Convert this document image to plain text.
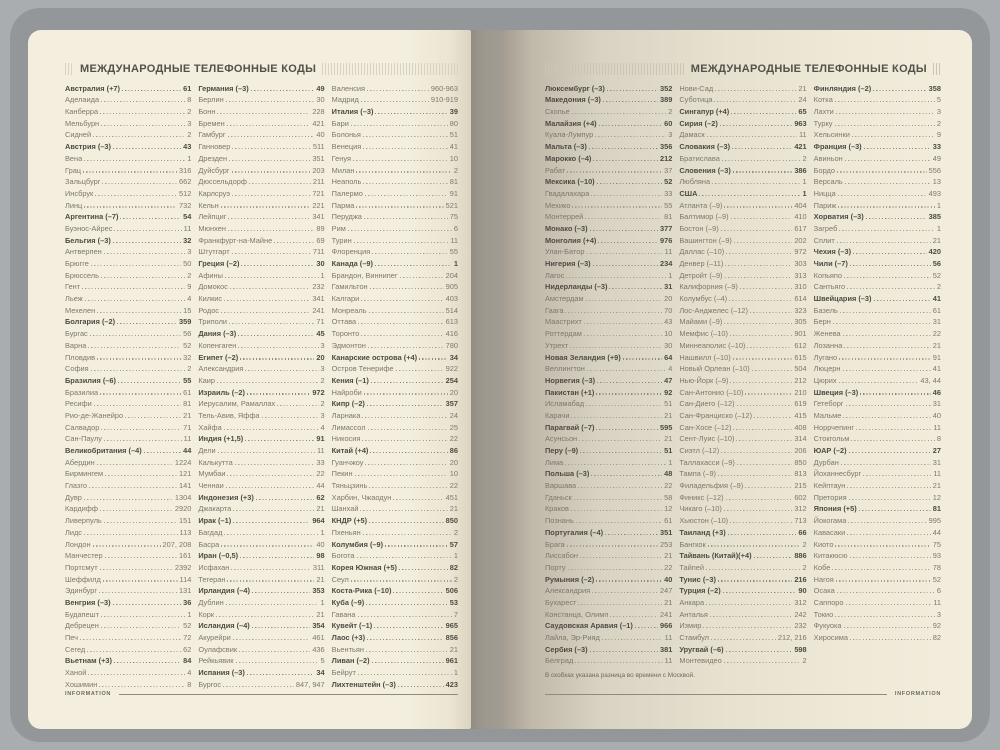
МЕЖДУНАРОДНЫЕ ТЕЛЕФОННЫЕ КОДЫ
Австралия (+7)	61
Аделаида	8
Канберра	2
Мельбурн	3
Сидней	2
Австрия (–3)	43
Вена	1
Грац	316
Зальцбург	662
Инсбрук	512
Линц	732
Аргентина (–7)	54
Буэнос-Айрес	11
Бельгия (–3)	32
Антверпен	3
Брюгге	50
Брюссель	2
Гент	9
Льеж	4
Мехелен	15
Болгария (–2)	359
Бургас	56
Варна	52
Пловдив	32
София	2
Бразилия (–6)	55
Бразилиа	61
Ресифи	81
Рио-де-Жанейро	21
Салвадор	71
Сан-Паулу	11
Великобритания (–4)	44
Абердин	1224
Бирмингем	121
Глазго	141
Дувр	1304
Кардифф	2920
Ливерпуль	151
Лидс	113
Лондон	207, 208
Манчестер	161
Портсмут	2392
Шеффилд	114
Эдинбург	131
Венгрия (–3)	36
Будапешт	1
Дебрецен	52
Печ	72
Сегед	62
Вьетнам (+3)	84
Ханой	4
Хошимин	8
Германия (–3)	49
Берлин	30
Бонн	228
Бремен	421
Гамбург	40
Ганновер	511
Дрезден	351
Дуйсбург	203
Дюссельдорф	211
Карлсруэ	721
Кельн	221
Лейпциг	341
Мюнхен	89
Франкфурт-на-Майне	69
Штутгарт	711
Греция (–2)	30
Афины	1
Домокос	232
Килкис	341
Родос	241
Триполи	71
Дания (–3)	45
Копенгаген	3
Египет (–2)	20
Александрия	3
Каир	2
Израиль (–2)	972
Иерусалим, Рамаллах	2
Тель-Авив, Яффа	3
Хайфа	4
Индия (+1,5)	91
Дели	11
Калькутта	33
Мумбаи	22
Ченнаи	44
Индонезия (+3)	62
Джакарта	21
Ирак (–1)	964
Багдад	1
Басра	40
Иран (–0,5)	98
Исфахан	311
Тегеран	21
Ирландия (–4)	353
Дублин	1
Корк	21
Исландия (–4)	354
Акурейри	461
Оулафсвик	436
Рейкьявик	5
Испания (–3)	34
Бургос	847, 947
Валенсия	960-963
Мадрид	910-919
Италия (–3)	39
Бари	80
Болонья	51
Венеция	41
Генуя	10
Милан	2
Неаполь	81
Палермо	91
Парма	521
Перуджа	75
Рим	6
Турин	11
Флоренция	55
Канада (–9)	1
Брандон, Виннипег	204
Гамильтон	905
Калгари	403
Монреаль	514
Оттава	613
Торонто	416
Эдмонтон	780
Канарские острова (+4)	34
Остров Тенерифе	922
Кения (–1)	254
Найроби	20
Кипр (–2)	357
Ларнака	24
Лимассол	25
Никосия	22
Китай (+4)	86
Гуанчжоу	20
Пекин	10
Тяньцзинь	22
Харбин, Чжаодун	451
Шанхай	21
КНДР (+5)	850
Пхеньян	2
Колумбия (–9)	57
Богота	1
Корея Южная (+5)	82
Сеул	2
Коста-Рика (–10)	506
Куба (–9)	53
Гавана	7
Кувейт (–1)	965
Лаос (+3)	856
Вьентьян	21
Ливан (–2)	961
Бейрут	1
Лихтенштейн (–3)	423
INFORMATION
МЕЖДУНАРОДНЫЕ ТЕЛЕФОННЫЕ КОДЫ
Люксембург (–3)	352
Македония (–3)	389
Скопье	2
Малайзия (+4)	60
Куала-Лумпур	3
Мальта (–3)	356
Марокко (–4)	212
Рабат	37
Мексика (–10)	52
Гвадалахара	33
Мехико	55
Монтеррей	81
Монако (–3)	377
Монголия (+4)	976
Улан-Батор	11
Нигерия (–3)	234
Лагос	1
Нидерланды (–3)	31
Амстердам	20
Гаага	70
Маастрихт	43
Роттердам	10
Утрехт	30
Новая Зеландия (+9)	64
Веллингтон	4
Норвегия (–3)	47
Пакистан (+1)	92
Исламабад	51
Карачи	21
Парагвай (–7)	595
Асунсьон	21
Перу (–9)	51
Лима	1
Польша (–3)	48
Варшава	22
Гданьск	58
Краков	12
Познань	61
Португалия (–4)	351
Брага	253
Лиссабон	21
Порту	22
Румыния (–2)	40
Александрия	247
Бухарест	21
Констанца, Олимп	241
Саудовская Аравия (–1)	966
Лайла, Эр-Рияд	11
Сербия (–3)	381
Белград	11
Нови-Сад	21
Суботица	24
Сингапур (+4)	65
Сирия (–2)	963
Дамаск	11
Словакия (–3)	421
Братислава	2
Словения (–3)	386
Любляна	1
США	1
Атланта (–9)	404
Балтимор (–9)	410
Бостон (–9)	617
Вашингтон (–9)	202
Даллас (–10)	972
Денвер (–11)	303
Детройт (–9)	313
Калифорния (–9)	310
Колумбус (–4)	614
Лос-Анджелес (–12)	323
Майами (–9)	305
Мемфис (–10)	901
Миннеаполис (–10)	612
Нашвилл (–10)	615
Новый Орлеан (–10)	504
Нью-Йорк (–9)	212
Сан-Антонио (–10)	210
Сан-Диего (–12)	619
Сан-Франциско (–12)	415
Сан-Хосе (–12)	408
Сент-Луис (–10)	314
Сиэтл (–12)	206
Таллахасси (–9)	850
Тампа (–9)	813
Филадельфия (–9)	215
Финикс (–12)	602
Чикаго (–10)	312
Хьюстон (–10)	713
Таиланд (+3)	66
Бангкок	2
Тайвань (Китай)(+4)	886
Тайпей	2
Тунис (–3)	216
Турция (–2)	90
Анкара	312
Анталья	242
Измир	232
Стамбул	212, 216
Уругвай (–6)	598
Монтевидео	2
Финляндия (–2)	358
Котка	5
Лахти	3
Турку	2
Хельсинки	9
Франция (–3)	33
Авиньон	49
Бордо	556
Версаль	13
Ницца	493
Париж	1
Хорватия (–3)	385
Загреб	1
Сплит	21
Чехия (–3)	420
Чили (–7)	56
Копьяпо	52
Сантьяго	2
Швейцария (–3)	41
Базель	61
Берн	31
Женева	22
Лозанна	21
Лугано	91
Люцерн	41
Цюрих	43, 44
Швеция (–3)	46
Гетеборг	31
Мальме	40
Норрчепинг	11
Стокгольм	8
ЮАР (–2)	27
Дурбан	31
Йоханнесбург	11
Кейптаун	21
Претория	12
Япония (+5)	81
Йокогама	995
Кавасаки	44
Киото	75
Китакюсю	93
Кобе	78
Нагоя	52
Осака	6
Саппоро	11
Токио	3
Фукуока	92
Хиросима	82
В скобках указана разница во времени с Москвой.
INFORMATION
